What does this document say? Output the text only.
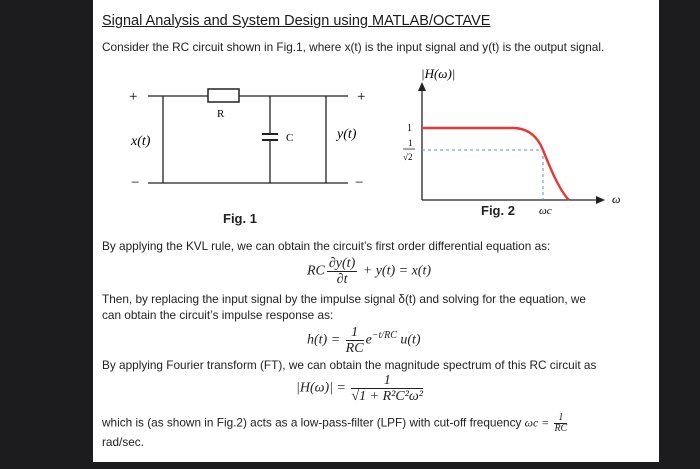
Signal Analysis and System Design using MATLAB/OCTAVE
Consider the RC circuit shown in Fig.1, where x(t) is the input signal and y(t) is the output signal.
R
C
+
−
x(t)
+
−
y(t)
|H(ω)|
1
1
√2
ωc
ω
Fig. 1
Fig. 2
By applying the KVL rule, we can obtain the circuit’s first order differential equation as:
RC $\frac{\partial y(t)}{\partial t} + y(t) = x(t)$
Then, by replacing the input signal by the impulse signal δ(t) and solving for the equation, we
can obtain the circuit’s impulse response as:
$h(t) = \frac{1}{RC} e^{-t/RC}$ u(t)
By applying Fourier transform (FT), we can obtain the magnitude spectrum of this RC circuit as
$|H(\omega)| = \frac{1}{\text{√1 + R²C²ω²}}$
which is (as shown in Fig.2) acts as a low-pass-filter (LPF) with cut-off frequency $\omega c = \frac{1}{RC}$
rad/sec.
